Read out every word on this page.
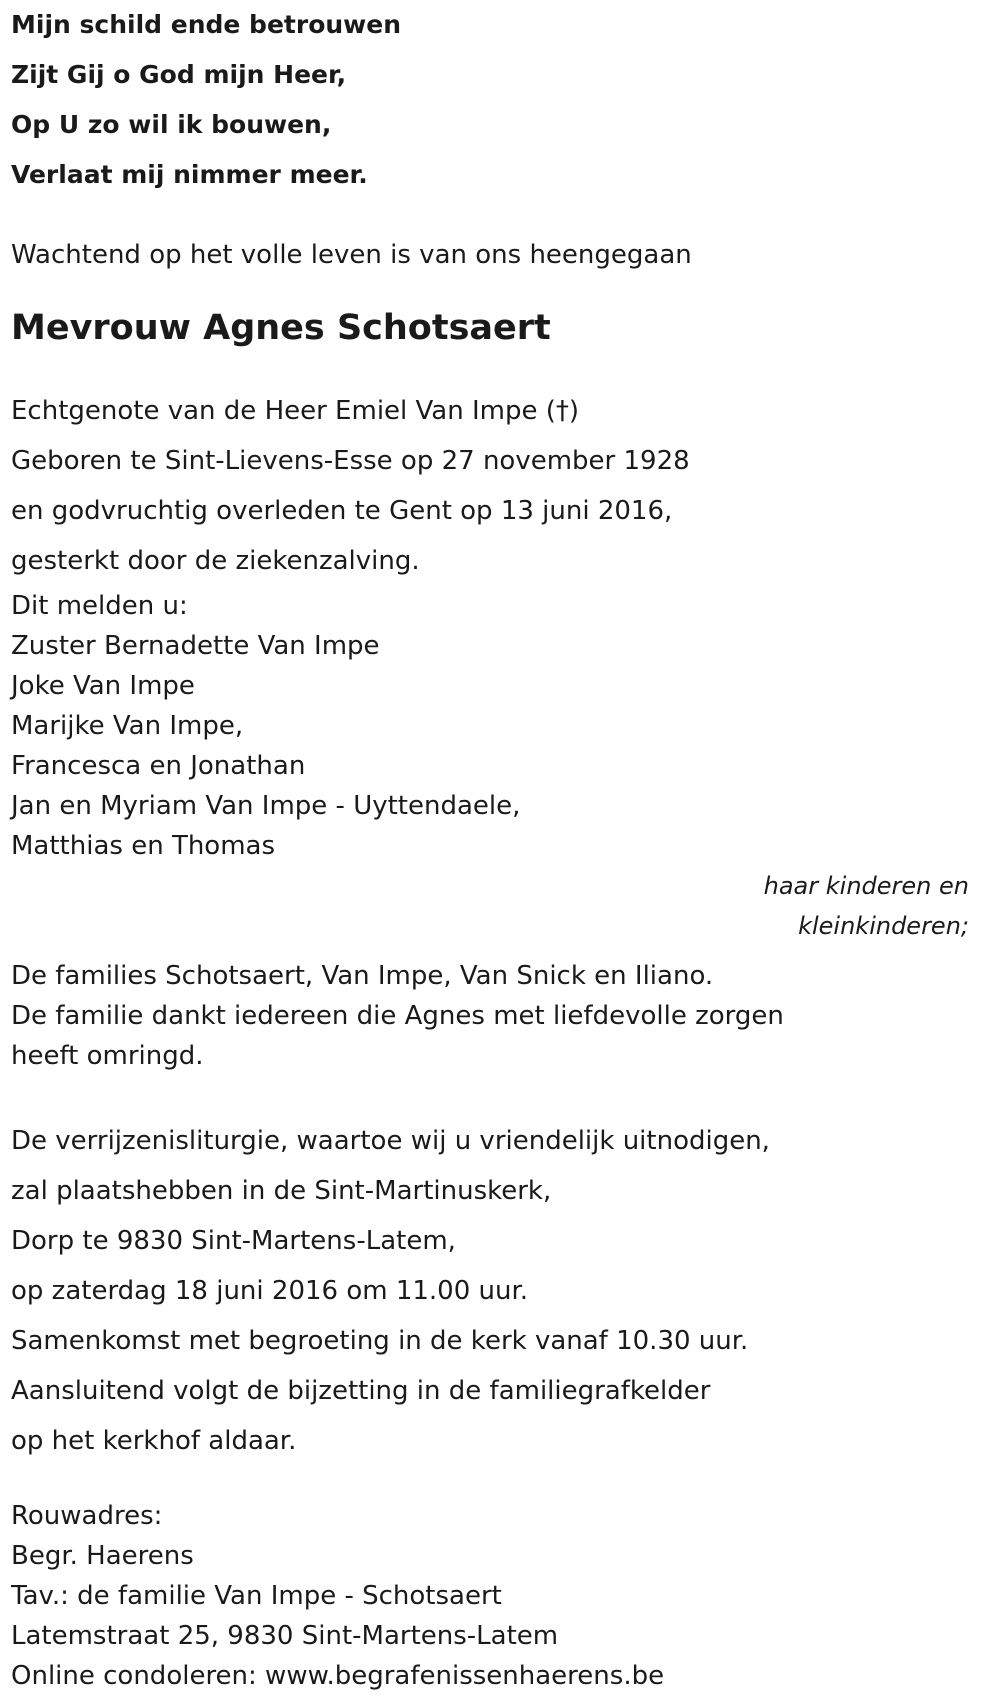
Mijn schild ende betrouwen
Zijt Gij o God mijn Heer,
Op U zo wil ik bouwen,
Verlaat mij nimmer meer.
Wachtend op het volle leven is van ons heengegaan
Mevrouw Agnes Schotsaert
Echtgenote van de Heer Emiel Van Impe (†)
Geboren te Sint-Lievens-Esse op 27 november 1928
en godvruchtig overleden te Gent op 13 juni 2016,
gesterkt door de ziekenzalving.
Dit melden u:
Zuster Bernadette Van Impe
Joke Van Impe
Marijke Van Impe,
Francesca en Jonathan
Jan en Myriam Van Impe - Uyttendaele,
Matthias en Thomas
haar kinderen en
kleinkinderen;
De families Schotsaert, Van Impe, Van Snick en Iliano.
De familie dankt iedereen die Agnes met liefdevolle zorgen
heeft omringd.
De verrijzenisliturgie, waartoe wij u vriendelijk uitnodigen,
zal plaatshebben in de Sint-Martinuskerk,
Dorp te 9830 Sint-Martens-Latem,
op zaterdag 18 juni 2016 om 11.00 uur.
Samenkomst met begroeting in de kerk vanaf 10.30 uur.
Aansluitend volgt de bijzetting in de familiegrafkelder
op het kerkhof aldaar.
Rouwadres:
Begr. Haerens
Tav.: de familie Van Impe - Schotsaert
Latemstraat 25, 9830 Sint-Martens-Latem
Online condoleren: www.begrafenissenhaerens.be
